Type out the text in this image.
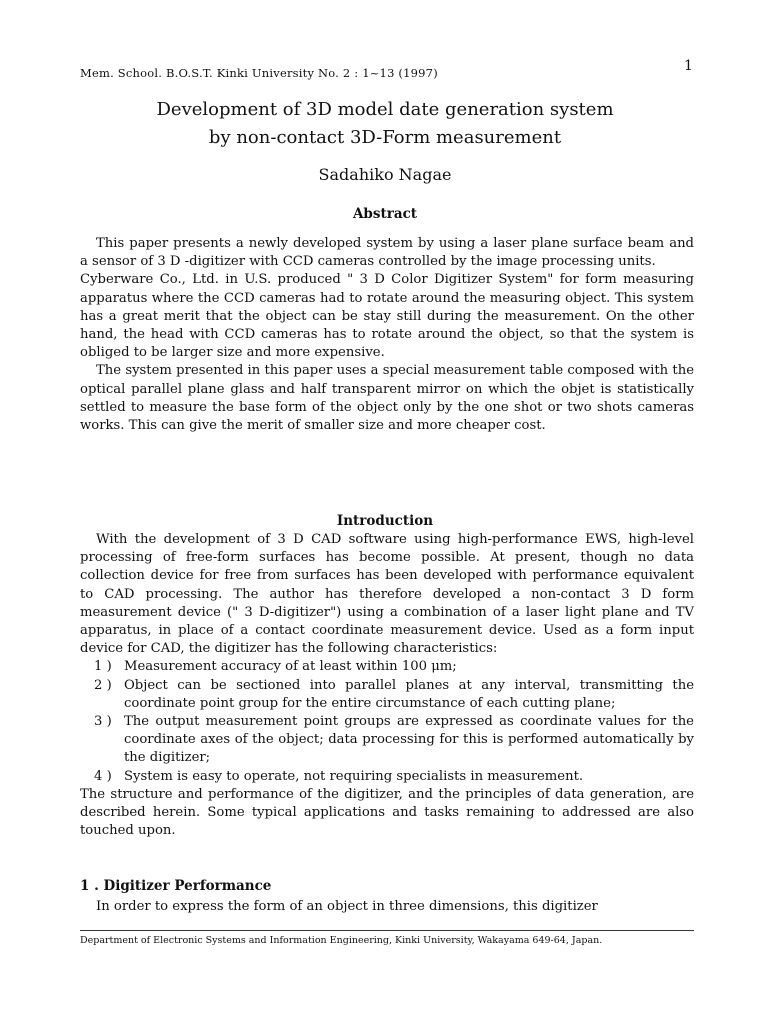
Mem. School. B.O.S.T. Kinki University No. 2 : 1~13 (1997)	1
Development of 3D model date generation system
by non-contact 3D-Form measurement
Sadahiko Nagae
Abstract

This paper presents a newly developed system by using a laser plane surface beam and a sensor of 3 D -digitizer with CCD cameras controlled by the image processing units.

Cyberware Co., Ltd. in U.S. produced " 3 D Color Digitizer System" for form measuring apparatus where the CCD cameras had to rotate around the measuring object. This system has a great merit that the object can be stay still during the measurement. On the other hand, the head with CCD cameras has to rotate around the object, so that the system is obliged to be larger size and more expensive.

The system presented in this paper uses a special measurement table composed with the optical parallel plane glass and half transparent mirror on which the objet is statistically settled to measure the base form of the object only by the one shot or two shots cameras works. This can give the merit of smaller size and more cheaper cost.

Introduction

With the development of 3 D CAD software using high-performance EWS, high-level processing of free-form surfaces has become possible. At present, though no data collection device for free from surfaces has been developed with performance equivalent to CAD processing. The author has therefore developed a non-contact 3 D form measurement device (" 3 D-digitizer") using a combination of a laser light plane and TV apparatus, in place of a contact coordinate measurement device. Used as a form input device for CAD, the digitizer has the following characteristics:

1 ) Measurement accuracy of at least within 100 μm;
2 ) Object can be sectioned into parallel planes at any interval, transmitting the coordinate point group for the entire circumstance of each cutting plane;
3 ) The output measurement point groups are expressed as coordinate values for the coordinate axes of the object; data processing for this is performed automatically by the digitizer;
4 ) System is easy to operate, not requiring specialists in measurement.

The structure and performance of the digitizer, and the principles of data generation, are described herein. Some typical applications and tasks remaining to addressed are also touched upon.

1 . Digitizer Performance
In order to express the form of an object in three dimensions, this digitizer
Department of Electronic Systems and Information Engineering, Kinki University, Wakayama 649-64, Japan.
